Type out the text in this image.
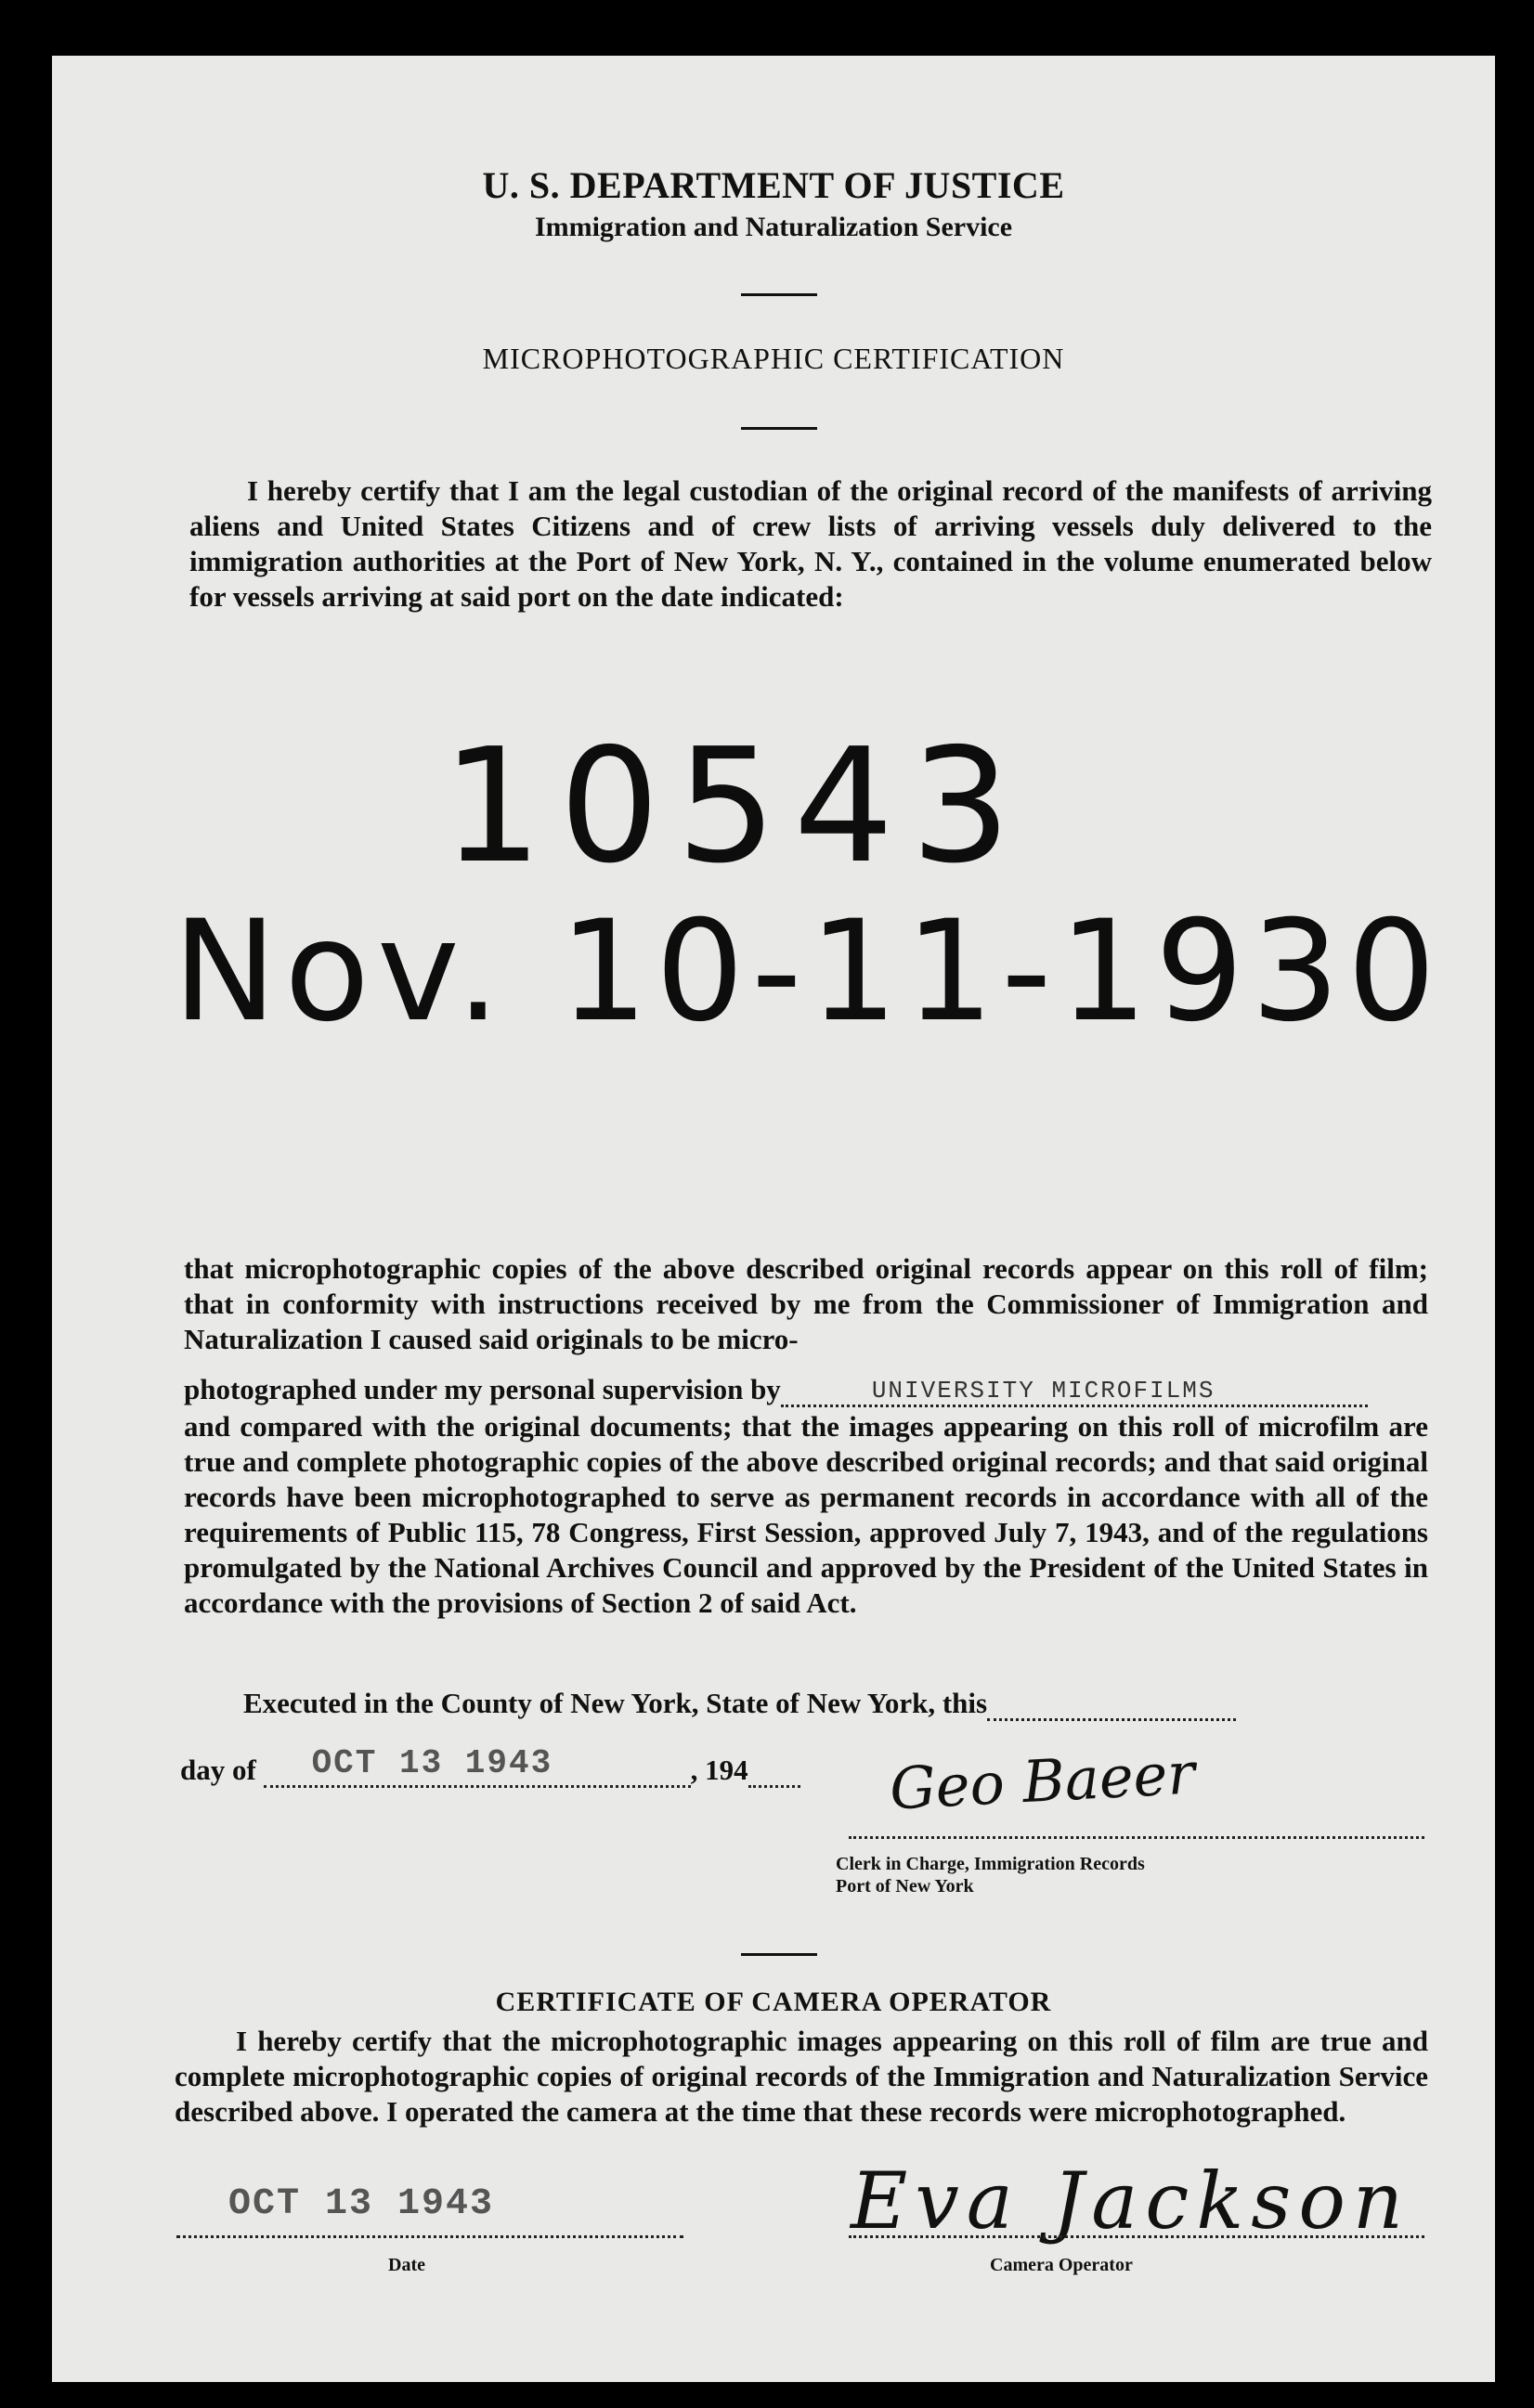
U. S. DEPARTMENT OF JUSTICE
Immigration and Naturalization Service
MICROPHOTOGRAPHIC CERTIFICATION
I hereby certify that I am the legal custodian of the original record of the manifests of arriving aliens and United States Citizens and of crew lists of arriving vessels duly delivered to the immigration authorities at the Port of New York, N. Y., contained in the volume enumerated below for vessels arriving at said port on the date indicated:
10543
Nov. 10-11-1930
that microphotographic copies of the above described original records appear on this roll of film; that in conformity with instructions received by me from the Commissioner of Immigration and Naturalization I caused said originals to be micro-
photographed under my personal supervision by	UNIVERSITY MICROFILMS
and compared with the original documents; that the images appearing on this roll of microfilm are true and complete photographic copies of the above described original records; and that said original records have been microphotographed to serve as permanent records in accordance with all of the requirements of Public 115, 78 Congress, First Session, approved July 7, 1943, and of the regulations promulgated by the National Archives Council and approved by the President of the United States in accordance with the provisions of Section 2 of said Act.
Executed in the County of New York, State of New York, this
day of OCT 13 1943	, 194	Geo Baeer
Clerk in Charge, Immigration Records
Port of New York
CERTIFICATE OF CAMERA OPERATOR
I hereby certify that the microphotographic images appearing on this roll of film are true and complete microphotographic copies of original records of the Immigration and Naturalization Service described above. I operated the camera at the time that these records were microphotographed.
OCT 13 1943
Date
Eva Jackson
Camera Operator
